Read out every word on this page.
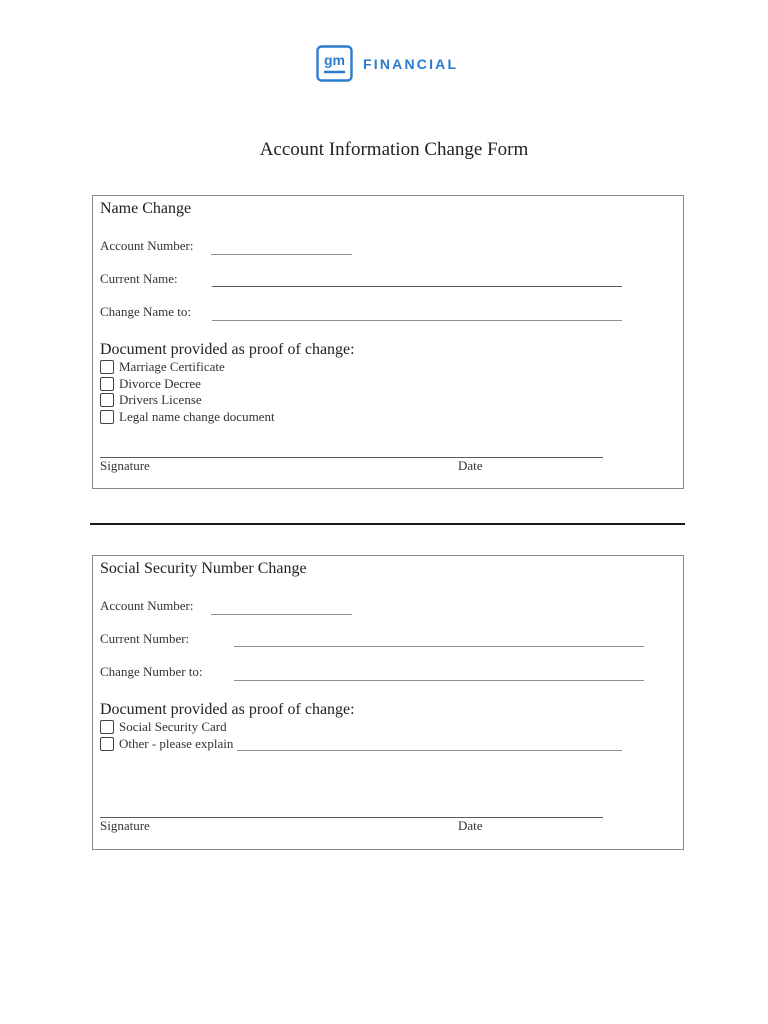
gm FINANCIAL
Account Information Change Form
Name Change
Account Number:
Current Name:
Change Name to:
Document provided as proof of change:
Marriage Certificate
Divorce Decree
Drivers License
Legal name change document
Signature	Date
Social Security Number Change
Account Number:
Current Number:
Change Number to:
Document provided as proof of change:
Social Security Card
Other - please explain
Signature	Date
